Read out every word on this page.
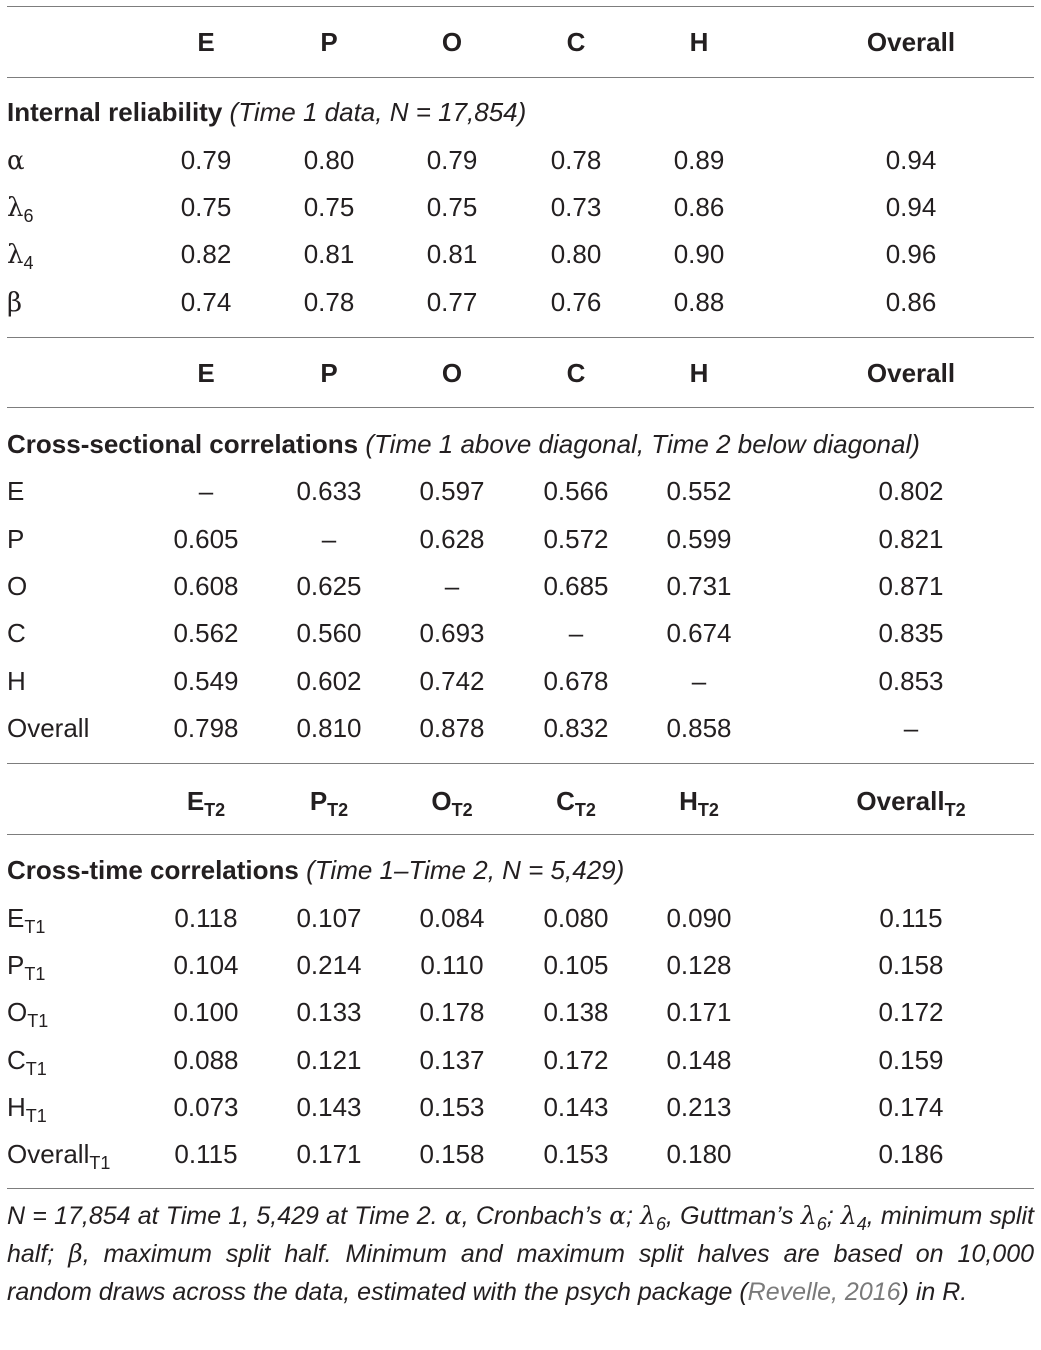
E	P	O	C	H	Overall
Internal reliability (Time 1 data, N = 17,854)
α	0.79	0.80	0.79	0.78	0.89	0.94
$\lambda_6$	0.75	0.75	0.75	0.73	0.86	0.94
$\lambda_4$	0.82	0.81	0.81	0.80	0.90	0.96
β	0.74	0.78	0.77	0.76	0.88	0.86
E	P	O	C	H	Overall
Cross-sectional correlations (Time 1 above diagonal, Time 2 below diagonal)
E	–	0.633	0.597	0.566	0.552	0.802
P	0.605	–	0.628	0.572	0.599	0.821
O	0.608	0.625	–	0.685	0.731	0.871
C	0.562	0.560	0.693	–	0.674	0.835
H	0.549	0.602	0.742	0.678	–	0.853
Overall	0.798	0.810	0.878	0.832	0.858	–
$E_{T2}$	$P_{T2}$	$O_{T2}$	$C_{T2}$	$H_{T2}$	Overall$_{T2}$
Cross-time correlations (Time 1–Time 2, N = 5,429)
$E_{T1}$	0.118	0.107	0.084	0.080	0.090	0.115
$P_{T1}$	0.104	0.214	0.110	0.105	0.128	0.158
$O_{T1}$	0.100	0.133	0.178	0.138	0.171	0.172
$C_{T1}$	0.088	0.121	0.137	0.172	0.148	0.159
$H_{T1}$	0.073	0.143	0.153	0.143	0.213	0.174
Overall$_{T1}$	0.115	0.171	0.158	0.153	0.180	0.186
N = 17,854 at Time 1, 5,429 at Time 2. α, Cronbach’s α; $\lambda_6$, Guttman’s $\lambda_6$; $\lambda_4$, minimum split half; β, maximum split half. Minimum and maximum split halves are based on 10,000 random draws across the data, estimated with the psych package (Revelle, 2016) in R.
